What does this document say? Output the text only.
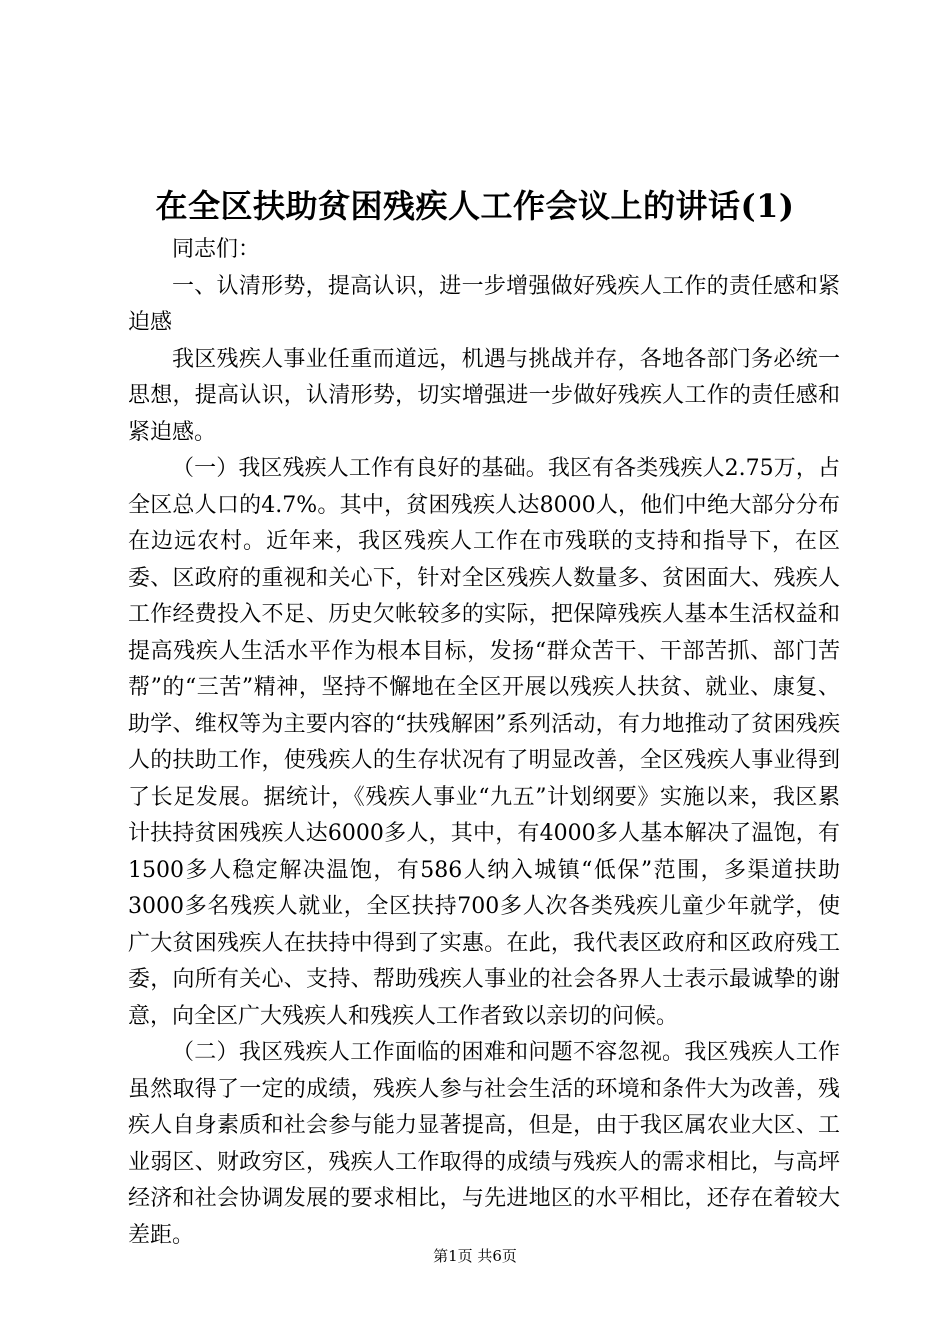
在全区扶助贫困残疾人工作会议上的讲话(1)

同志们：

一、认清形势，提高认识，进一步增强做好残疾人工作的责任感和紧迫感

我区残疾人事业任重而道远，机遇与挑战并存，各地各部门务必统一思想，提高认识，认清形势，切实增强进一步做好残疾人工作的责任感和紧迫感。

（一）我区残疾人工作有良好的基础。我区有各类残疾人2.75万，占全区总人口的4.7%。其中，贫困残疾人达8000人，他们中绝大部分分布在边远农村。近年来，我区残疾人工作在市残联的支持和指导下，在区委、区政府的重视和关心下，针对全区残疾人数量多、贫困面大、残疾人工作经费投入不足、历史欠帐较多的实际，把保障残疾人基本生活权益和提高残疾人生活水平作为根本目标，发扬“群众苦干、干部苦抓、部门苦帮”的“三苦”精神，坚持不懈地在全区开展以残疾人扶贫、就业、康复、助学、维权等为主要内容的“扶残解困”系列活动，有力地推动了贫困残疾人的扶助工作，使残疾人的生存状况有了明显改善，全区残疾人事业得到了长足发展。据统计，《残疾人事业“九五”计划纲要》实施以来，我区累计扶持贫困残疾人达6000多人，其中，有4000多人基本解决了温饱，有1500多人稳定解决温饱，有586人纳入城镇“低保”范围，多渠道扶助3000多名残疾人就业，全区扶持700多人次各类残疾儿童少年就学，使广大贫困残疾人在扶持中得到了实惠。在此，我代表区政府和区政府残工委，向所有关心、支持、帮助残疾人事业的社会各界人士表示最诚挚的谢意，向全区广大残疾人和残疾人工作者致以亲切的问候。

（二）我区残疾人工作面临的困难和问题不容忽视。我区残疾人工作虽然取得了一定的成绩，残疾人参与社会生活的环境和条件大为改善，残疾人自身素质和社会参与能力显著提高，但是，由于我区属农业大区、工业弱区、财政穷区，残疾人工作取得的成绩与残疾人的需求相比，与高坪经济和社会协调发展的要求相比，与先进地区的水平相比，还存在着较大差距。

第1页 共6页
